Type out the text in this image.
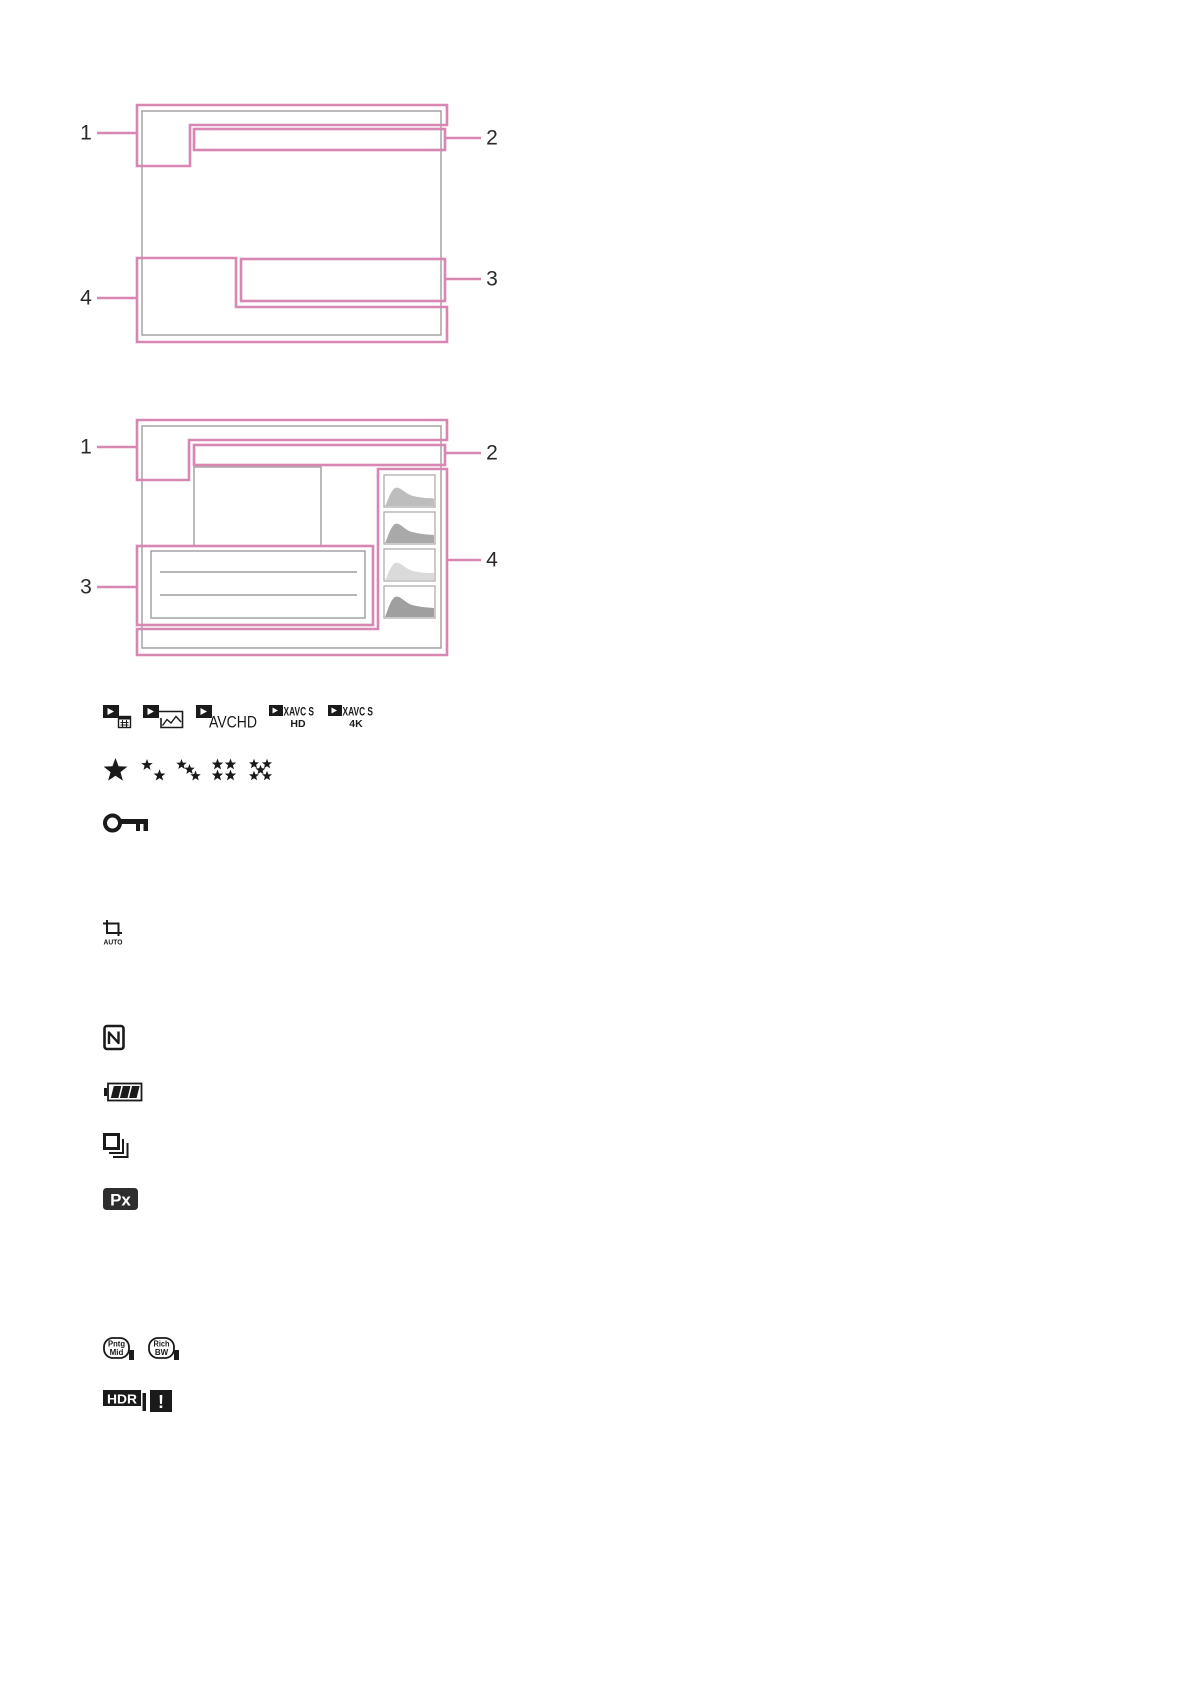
1	2
3
4
1	2
3
4
AVCHD
XAVC S
HD
XAVC S
4K
AUTO
Px
Pntg
Mid
Rich
BW
HDR !
